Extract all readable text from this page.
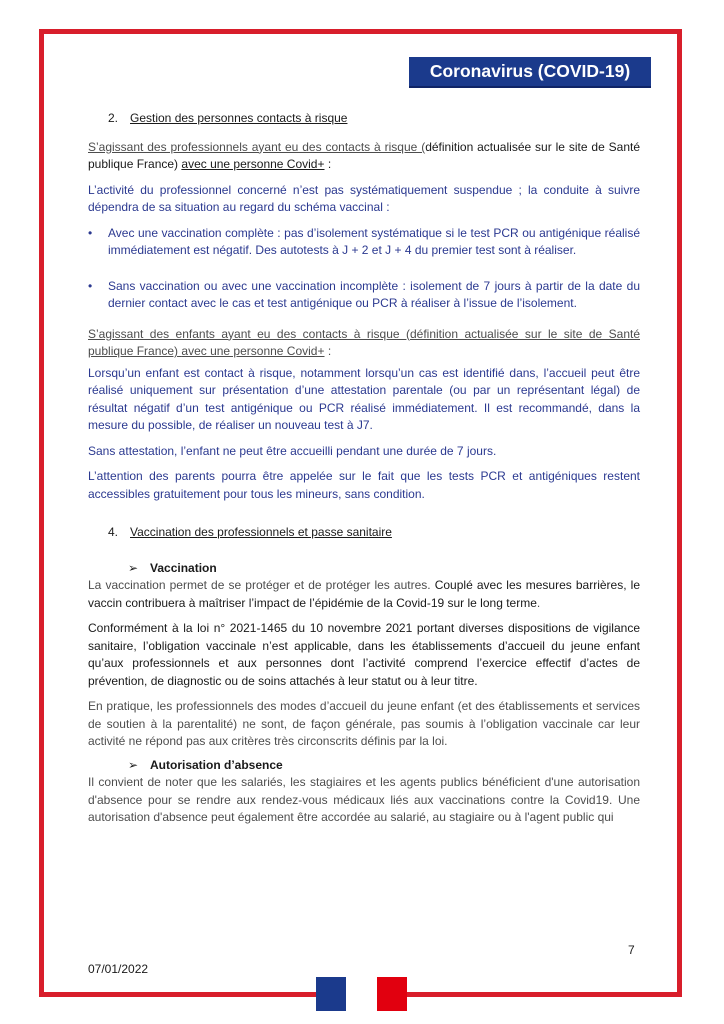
Coronavirus (COVID-19)

2. Gestion des personnes contacts à risque

S’agissant des professionnels ayant eu des contacts à risque (définition actualisée sur le site de Santé publique France) avec une personne Covid+ :

L’activité du professionnel concerné n’est pas systématiquement suspendue ; la conduite à suivre dépendra de sa situation au regard du schéma vaccinal :

• Avec une vaccination complète : pas d’isolement systématique si le test PCR ou antigénique réalisé immédiatement est négatif. Des autotests à J + 2 et J + 4 du premier test sont à réaliser.
• Sans vaccination ou avec une vaccination incomplète : isolement de 7 jours à partir de la date du dernier contact avec le cas et test antigénique ou PCR à réaliser à l’issue de l’isolement.

S’agissant des enfants ayant eu des contacts à risque (définition actualisée sur le site de Santé publique France) avec une personne Covid+ :

Lorsqu’un enfant est contact à risque, notamment lorsqu’un cas est identifié dans, l’accueil peut être réalisé uniquement sur présentation d’une attestation parentale (ou par un représentant légal) de résultat négatif d’un test antigénique ou PCR réalisé immédiatement. Il est recommandé, dans la mesure du possible, de réaliser un nouveau test à J7.

Sans attestation, l’enfant ne peut être accueilli pendant une durée de 7 jours.

L’attention des parents pourra être appelée sur le fait que les tests PCR et antigéniques restent accessibles gratuitement pour tous les mineurs, sans condition.

4. Vaccination des professionnels et passe sanitaire

➢ Vaccination

La vaccination permet de se protéger et de protéger les autres. Couplé avec les mesures barrières, le vaccin contribuera à maîtriser l’impact de l’épidémie de la Covid-19 sur le long terme.

Conformément à la loi n° 2021-1465 du 10 novembre 2021 portant diverses dispositions de vigilance sanitaire, l’obligation vaccinale n’est applicable, dans les établissements d’accueil du jeune enfant qu’aux professionnels et aux personnes dont l’activité comprend l’exercice effectif d’actes de prévention, de diagnostic ou de soins attachés à leur statut ou à leur titre.

En pratique, les professionnels des modes d’accueil du jeune enfant (et des établissements et services de soutien à la parentalité) ne sont, de façon générale, pas soumis à l’obligation vaccinale car leur activité ne répond pas aux critères très circonscrits définis par la loi.

➢ Autorisation d’absence

Il convient de noter que les salariés, les stagiaires et les agents publics bénéficient d'une autorisation d'absence pour se rendre aux rendez-vous médicaux liés aux vaccinations contre la Covid19. Une autorisation d'absence peut également être accordée au salarié, au stagiaire ou à l'agent public qui

7
07/01/2022
